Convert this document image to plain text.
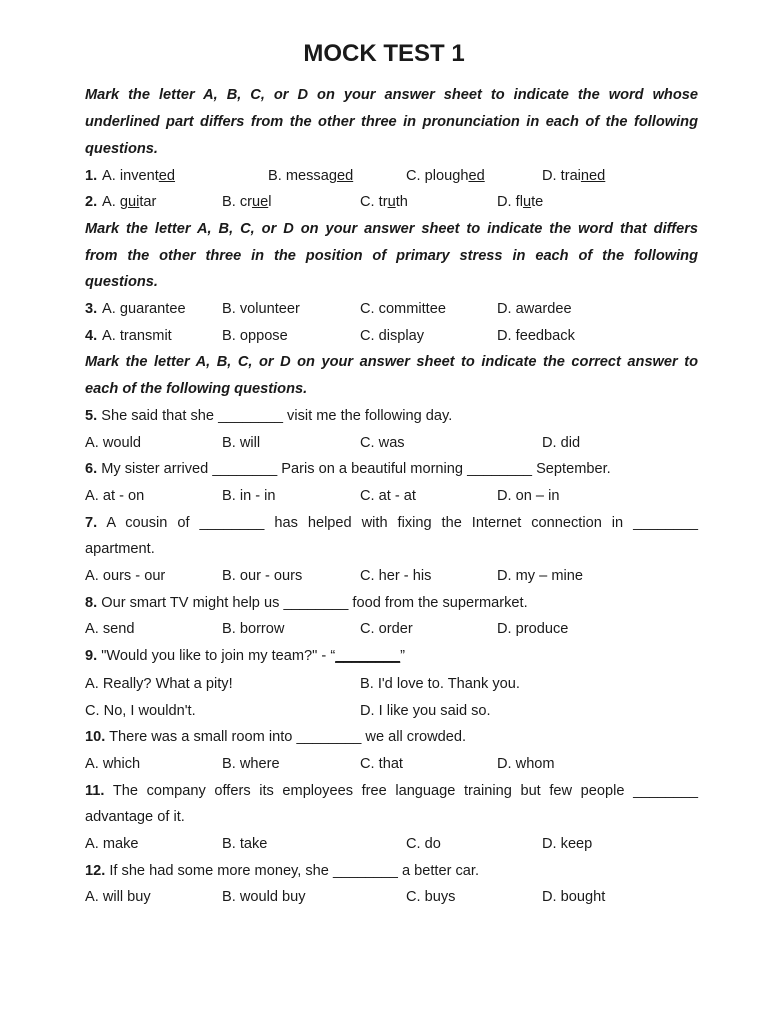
MOCK TEST 1
Mark the letter A, B, C, or D on your answer sheet to indicate the word whose
underlined part differs from the other three in pronunciation in each of the following
questions.
1. A. invented	B. messaged	C. ploughed	D. trained
2. A. guitar	B. cruel	C. truth	D. flute
Mark the letter A, B, C, or D on your answer sheet to indicate the word that differs
from the other three in the position of primary stress in each of the following
questions.
3. A. guarantee B. volunteer	C. committee	D. awardee
4. A. transmit	B. oppose	C. display	D. feedback
Mark the letter A, B, C, or D on your answer sheet to indicate the correct answer to
each of the following questions.
5. She said that she ________ visit me the following day.
A. would	B. will	C. was	D. did
6. My sister arrived ________ Paris on a beautiful morning ________ September.
A. at - on	B. in - in	C. at - at	D. on – in
7. A cousin of ________ has helped with fixing the Internet connection in ________
apartment.
A. ours - our	B. our - ours	C. her - his	D. my – mine
8. Our smart TV might help us ________ food from the supermarket.
A. send	B. borrow	C. order	D. produce
9. "Would you like to join my team?" - “________”
A. Really? What a pity!	B. I'd love to. Thank you.
C. No, I wouldn't.	D. I like you said so.
10. There was a small room into ________ we all crowded.
A. which	B. where	C. that	D. whom
11. The company offers its employees free language training but few people ________
advantage of it.
A. make	B. take	C. do	D. keep
12. If she had some more money, she ________ a better car.
A. will buy	B. would buy	C. buys	D. bought
